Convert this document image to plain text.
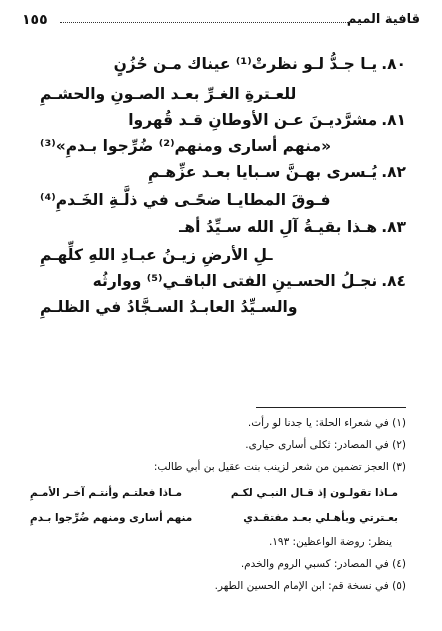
قافية الميم
١٥٥
٨٠.يـا جـدُّ لـو نظرتْ⁽¹⁾ عيناك مـن حُزُنٍ
للعـترةِ الغـرِّ بعـد الصـونِ والحشـمِ
٨١.مشرَّديـنَ عـن الأوطانِ قـد قُهروا
«منهم أسارى ومنهم⁽²⁾ ضُرِّجوا بـدمِ»⁽³⁾
٨٢.يُـسرى بهـنَّ سـبايا بعـد عزِّهـمِ
فـوقَ المطايـا ضحًـى في ذلَّـةِ الخَـدمِ⁽⁴⁾
٨٣.هـذا بقيـةُ آلِ الله سـيِّدُ أهـ
ـلِ الأرضِ زيـنُ عبـادِ اللهِ كلِّهـمِ
٨٤.نجـلُ الحسـينِ الفتى الباقـي⁽⁵⁾ ووارثُه
والسـيِّدُ العابـدُ السـجَّادُ في الظلـمِ
(١) في شعراء الحلة: يا جدنا لو رأت.
(٢) في المصادر: ثكلى أسارى حيارى.
(٣) العجز تضمين من شعر لزينب بنت عقيل بن أبي طالب:
مـاذا تقولـون إذ قـال النبـي لكـم
مـاذا فعلتـم وأنتـم آخـر الأمـمِ
بعـترتي وبأهـلي بعـد مفتقـدي
منهم أسارى ومنهم ضُرِّجوا بـدمِ
ينظر: روضة الواعظين: ١٩٣.
(٤) في المصادر: كسبي الروم والخدم.
(٥) في نسخة قم: ابن الإمام الحسين الطهر.
